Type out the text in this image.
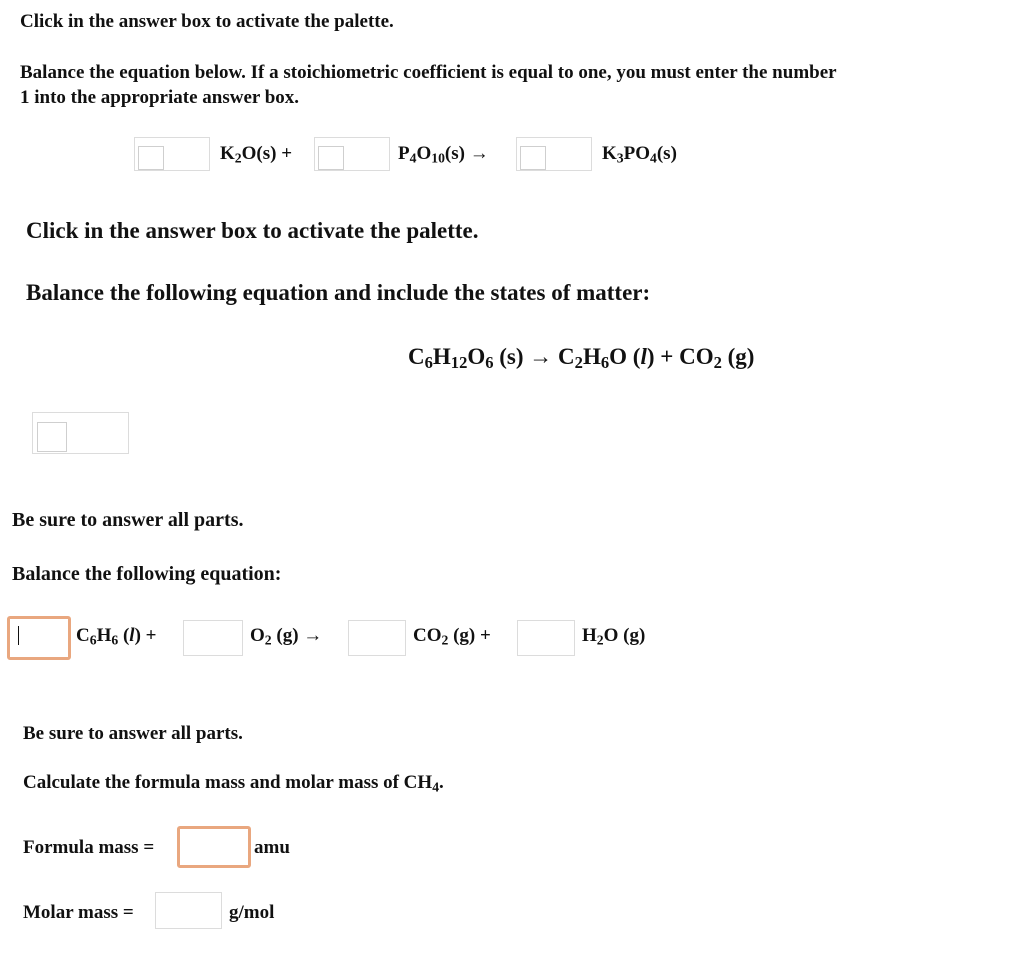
Click in the answer box to activate the palette.
Balance the equation below. If a stoichiometric coefficient is equal to one, you must enter the number
1 into the appropriate answer box.
$K_2O(s)$ +	$P_4O_{10}(s)$ →	$K_3PO_4(s)$
Click in the answer box to activate the palette.
Balance the following equation and include the states of matter:
$C_6H_{12}O_6$ $(s) \to C_2H_6O$ $(l) + CO_2$ (g)
Be sure to answer all parts.
Balance the following equation:
$C_6H_6$ (l) +	$O_2$ (g) →	$CO_2$ (g) +	$H_2O$ (g)
Be sure to answer all parts.
Calculate the formula mass and molar mass of $CH_4$.
Formula mass =	amu
Molar mass =	g/mol
